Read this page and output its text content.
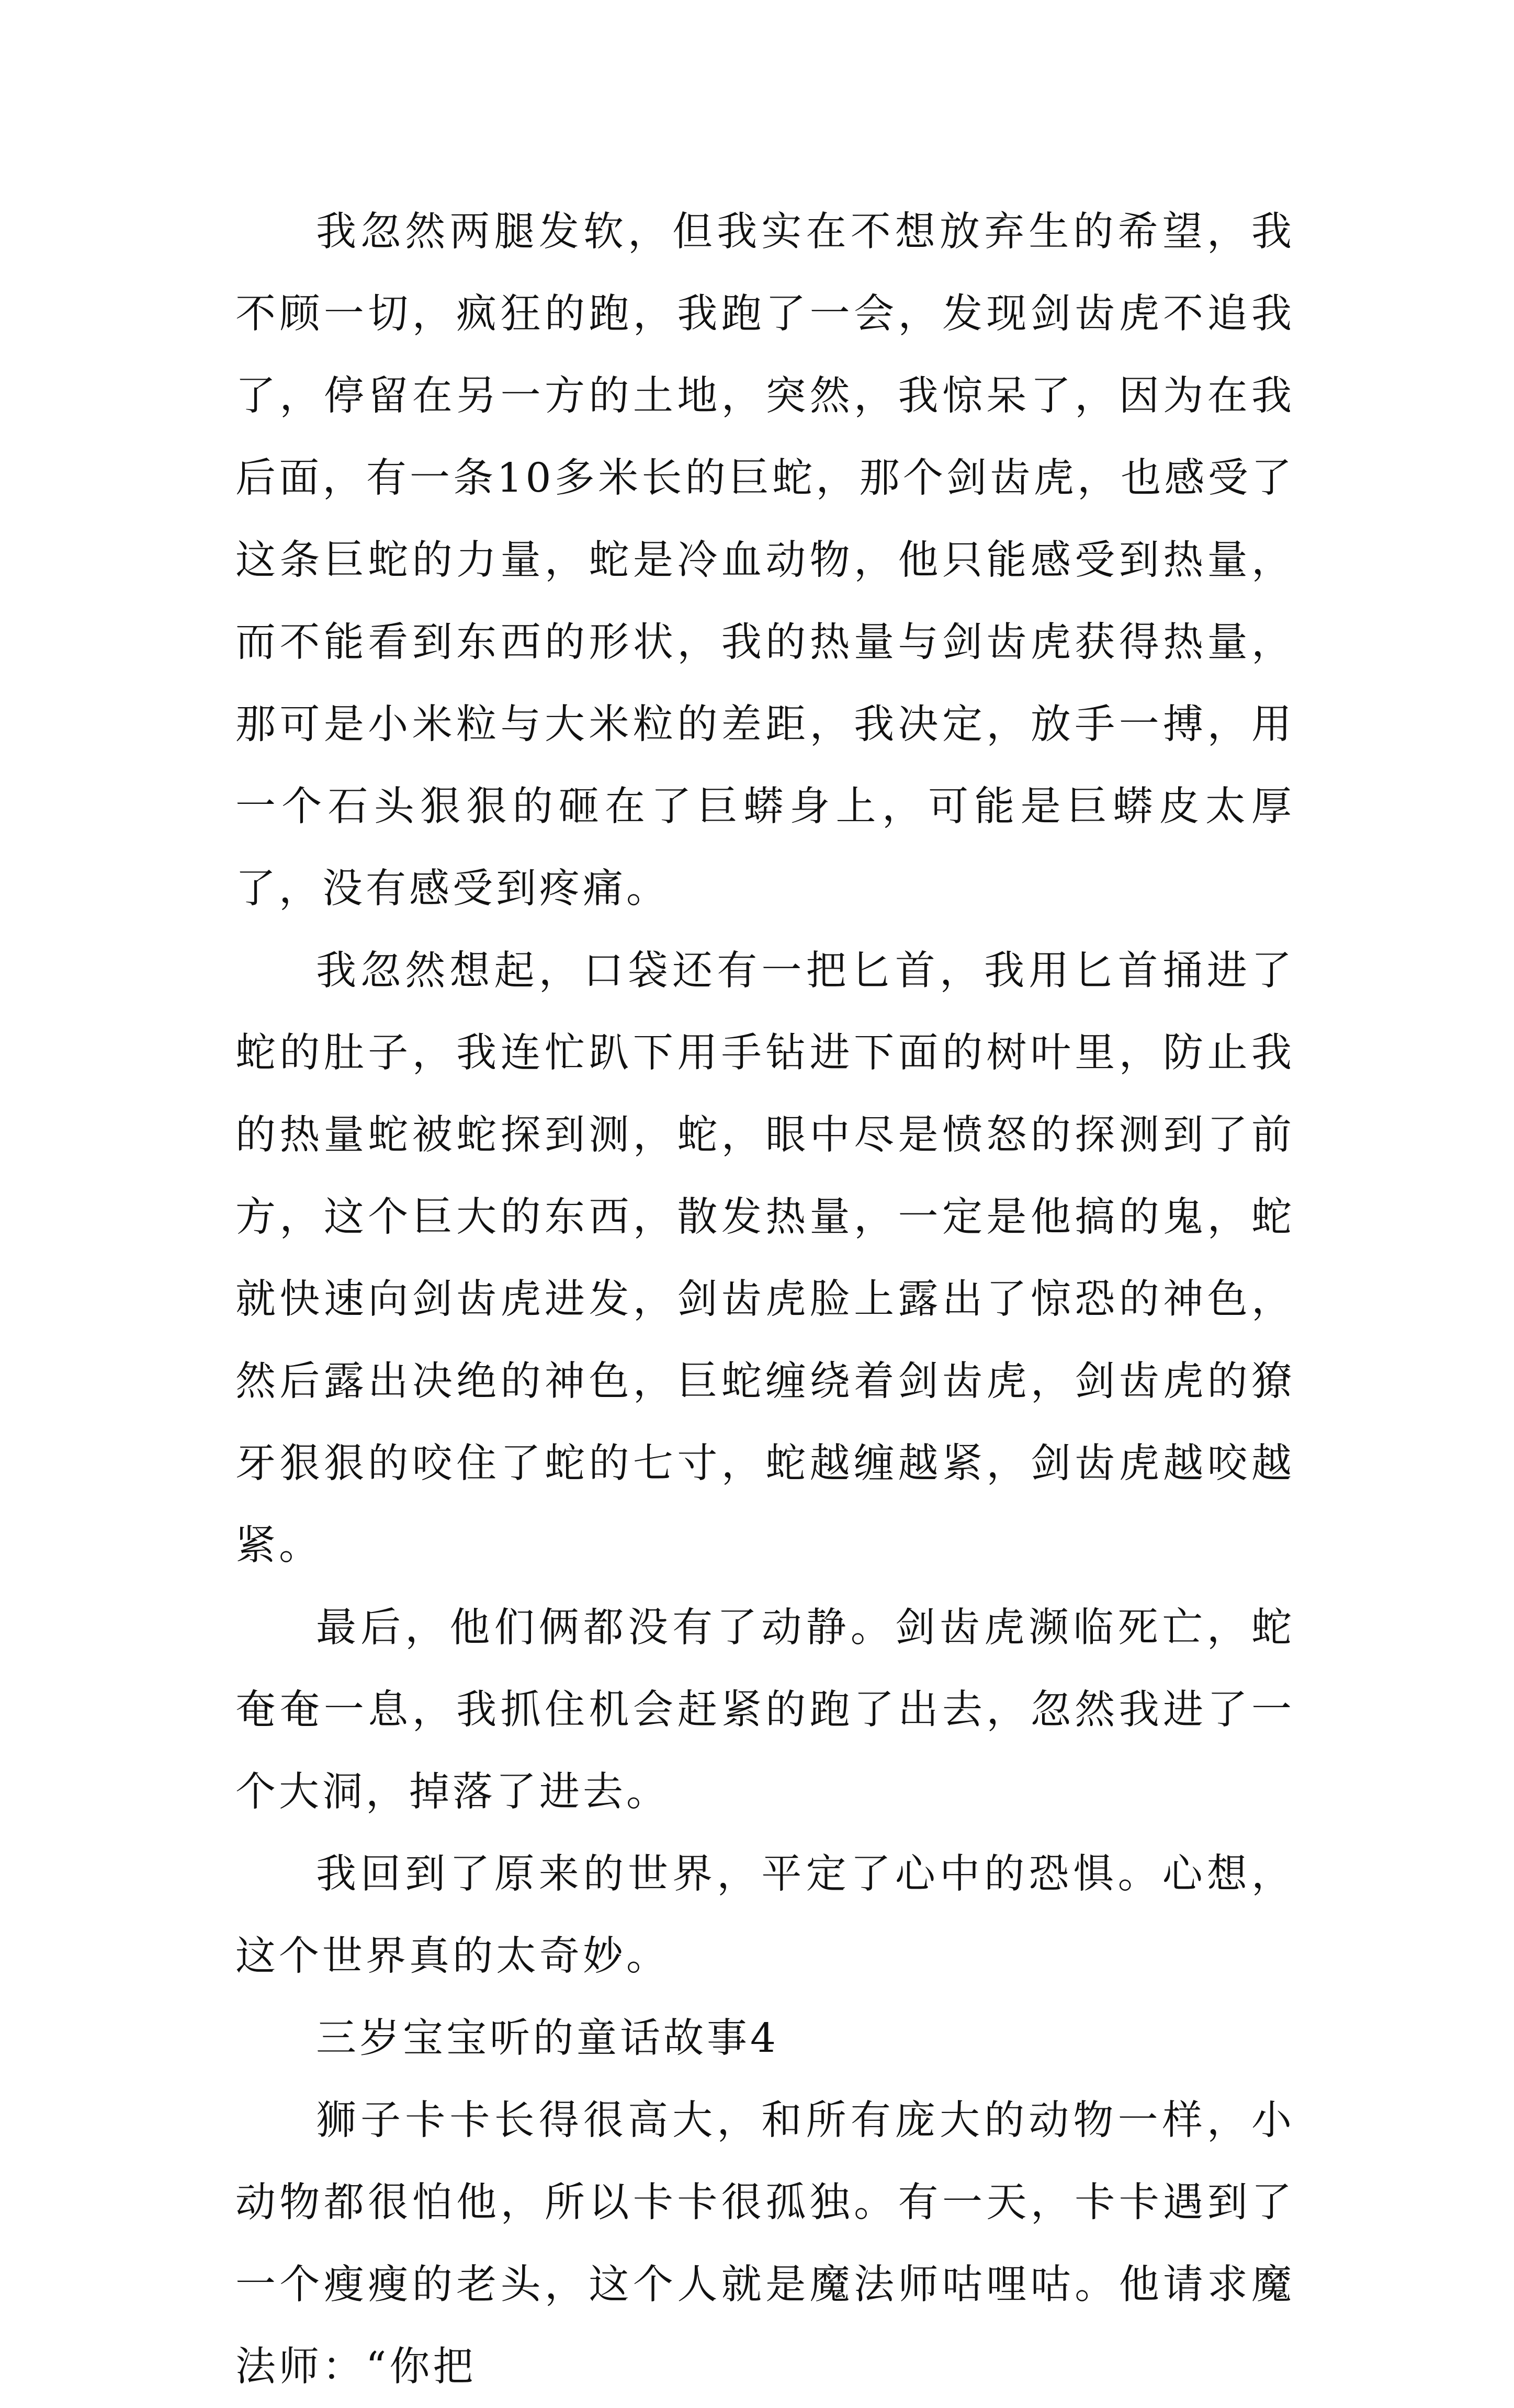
我忽然两腿发软，但我实在不想放弃生的希望，我不顾一切，疯狂的跑，我跑了一会，发现剑齿虎不追我了，停留在另一方的土地，突然，我惊呆了，因为在我后面，有一条10多米长的巨蛇，那个剑齿虎，也感受了这条巨蛇的力量，蛇是冷血动物，他只能感受到热量，而不能看到东西的形状，我的热量与剑齿虎获得热量，那可是小米粒与大米粒的差距，我决定，放手一搏，用一个石头狠狠的砸在了巨蟒身上，可能是巨蟒皮太厚了，没有感受到疼痛。

我忽然想起，口袋还有一把匕首，我用匕首捅进了蛇的肚子，我连忙趴下用手钻进下面的树叶里，防止我的热量蛇被蛇探到测，蛇，眼中尽是愤怒的探测到了前方，这个巨大的东西，散发热量，一定是他搞的鬼，蛇就快速向剑齿虎进发，剑齿虎脸上露出了惊恐的神色，然后露出决绝的神色，巨蛇缠绕着剑齿虎，剑齿虎的獠牙狠狠的咬住了蛇的七寸，蛇越缠越紧，剑齿虎越咬越紧。

最后，他们俩都没有了动静。剑齿虎濒临死亡，蛇奄奄一息，我抓住机会赶紧的跑了出去，忽然我进了一个大洞，掉落了进去。

我回到了原来的世界，平定了心中的恐惧。心想，这个世界真的太奇妙。

三岁宝宝听的童话故事4

狮子卡卡长得很高大，和所有庞大的动物一样，小动物都很怕他，所以卡卡很孤独。有一天，卡卡遇到了一个瘦瘦的老头，这个人就是魔法师咕哩咕。他请求魔法师：“你把
